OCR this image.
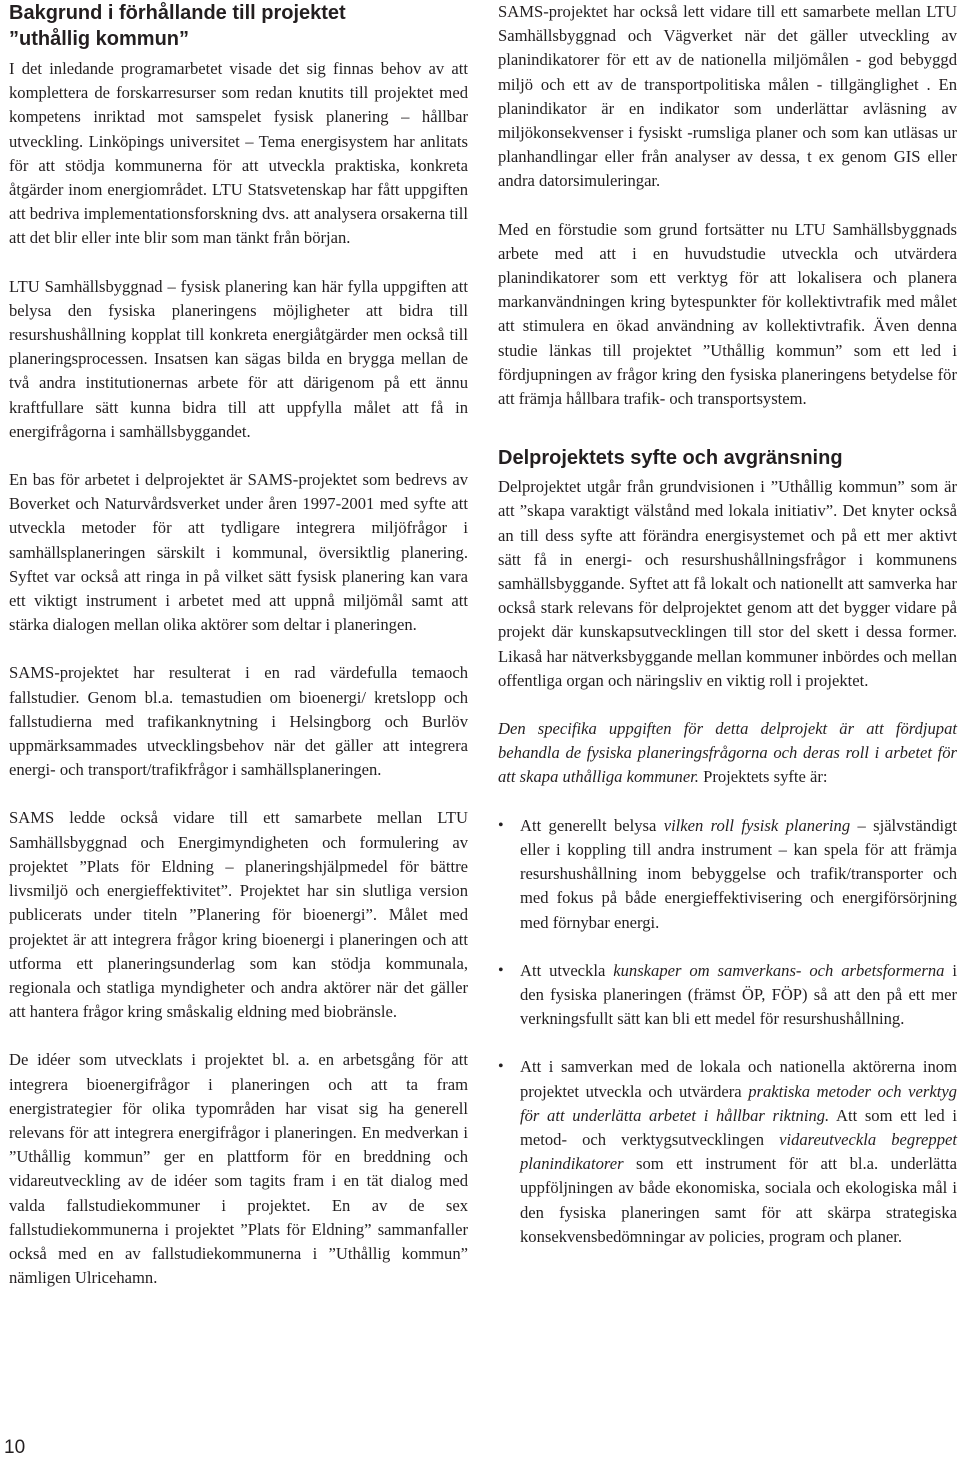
Bakgrund i förhållande till projektet
”uthållig kommun”

I det inledande programarbetet visade det sig finnas behov av att komplettera de forskarresurser som redan knutits till projektet med kompetens inriktad mot samspelet fysisk planering – hållbar utveckling. Linköpings universitet – Tema energisystem har anlitats för att stödja kommunerna för att utveckla praktiska, konkreta åtgärder inom energiområdet. LTU Statsvetenskap har fått uppgiften att bedriva implementationsforskning dvs. att analysera orsakerna till att det blir eller inte blir som man tänkt från början.

LTU Samhällsbyggnad – fysisk planering kan här fylla uppgiften att belysa den fysiska planeringens möjligheter att bidra till resurshushållning kopplat till konkreta energiåtgärder men också till planeringsprocessen. Insatsen kan sägas bilda en brygga mellan de två andra institutionernas arbete för att därigenom på ett ännu kraftfullare sätt kunna bidra till att uppfylla målet att få in energifrågorna i samhällsbyggandet.

En bas för arbetet i delprojektet är SAMS-projektet som bedrevs av Boverket och Naturvårdsverket under åren 1997-2001 med syfte att utveckla metoder för att tydligare integrera miljöfrågor i samhällsplaneringen särskilt i kommunal, översiktlig planering. Syftet var också att ringa in på vilket sätt fysisk planering kan vara ett viktigt instrument i arbetet med att uppnå miljömål samt att stärka dialogen mellan olika aktörer som deltar i planeringen.

SAMS-projektet har resulterat i en rad värdefulla temaoch fallstudier. Genom bl.a. temastudien om bioenergi/ kretslopp och fallstudierna med trafikanknytning i Helsingborg och Burlöv uppmärksammades utvecklingsbehov när det gäller att integrera energi- och transport/trafikfrågor i samhällsplaneringen.

SAMS ledde också vidare till ett samarbete mellan LTU Samhällsbyggnad och Energimyndigheten och formulering av projektet ”Plats för Eldning – planeringshjälpmedel för bättre livsmiljö och energieffektivitet”. Projektet har sin slutliga version publicerats under titeln ”Planering för bioenergi”. Målet med projektet är att integrera frågor kring bioenergi i planeringen och att utforma ett planeringsunderlag som kan stödja kommunala, regionala och statliga myndigheter och andra aktörer när det gäller att hantera frågor kring småskalig eldning med biobränsle.

De idéer som utvecklats i projektet bl. a. en arbetsgång för att integrera bioenergifrågor i planeringen och att ta fram energistrategier för olika typområden har visat sig ha generell relevans för att integrera energifrågor i planeringen. En medverkan i ”Uthållig kommun” ger en plattform för en breddning och vidareutveckling av de idéer som tagits fram i en tät dialog med valda fallstudiekommuner i projektet. En av de sex fallstudiekommunerna i projektet ”Plats för Eldning” sammanfaller också med en av fallstudiekommunerna i ”Uthållig kommun” nämligen Ulricehamn.

SAMS-projektet har också lett vidare till ett samarbete mellan LTU Samhällsbyggnad och Vägverket när det gäller utveckling av planindikatorer för ett av de nationella miljömålen - god bebyggd miljö och ett av de transportpolitiska målen - tillgänglighet . En planindikator är en indikator som underlättar avläsning av miljökonsekvenser i fysiskt -rumsliga planer och som kan utläsas ur planhandlingar eller från analyser av dessa, t ex genom GIS eller andra datorsimuleringar.

Med en förstudie som grund fortsätter nu LTU Samhällsbyggnads arbete med att i en huvudstudie utveckla och utvärdera planindikatorer som ett verktyg för att lokalisera och planera markanvändningen kring bytespunkter för kollektivtrafik med målet att stimulera en ökad användning av kollektivtrafik. Även denna studie länkas till projektet ”Uthållig kommun” som ett led i fördjupningen av frågor kring den fysiska planeringens betydelse för att främja hållbara trafik- och transportsystem.

Delprojektets syfte och avgränsning

Delprojektet utgår från grundvisionen i ”Uthållig kommun” som är att ”skapa varaktigt välstånd med lokala initiativ”. Det knyter också an till dess syfte att förändra energisystemet och på ett mer aktivt sätt få in energi- och resurshushållningsfrågor i kommunens samhällsbyggande. Syftet att få lokalt och nationellt att samverka har också stark relevans för delprojektet genom att det bygger vidare på projekt där kunskapsutvecklingen till stor del skett i dessa former. Likaså har nätverksbyggande mellan kommuner inbördes och mellan offentliga organ och näringsliv en viktig roll i projektet.

Den specifika uppgiften för detta delprojekt är att fördjupat behandla de fysiska planeringsfrågorna och deras roll i arbetet för att skapa uthålliga kommuner. Projektets syfte är:

• Att generellt belysa vilken roll fysisk planering – självständigt eller i koppling till andra instrument – kan spela för att främja resurshushållning inom bebyggelse och trafik/transporter och med fokus på både energieffektivisering och energiförsörjning med förnybar energi.
• Att utveckla kunskaper om samverkans- och arbetsformerna i den fysiska planeringen (främst ÖP, FÖP) så att den på ett mer verkningsfullt sätt kan bli ett medel för resurshushållning.
• Att i samverkan med de lokala och nationella aktörerna inom projektet utveckla och utvärdera praktiska metoder och verktyg för att underlätta arbetet i hållbar riktning. Att som ett led i metod- och verktygsutvecklingen vidareutveckla begreppet planindikatorer som ett instrument för att bl.a. underlätta uppföljningen av både ekonomiska, sociala och ekologiska mål i den fysiska planeringen samt för att skärpa strategiska konsekvensbedömningar av policies, program och planer.
10
